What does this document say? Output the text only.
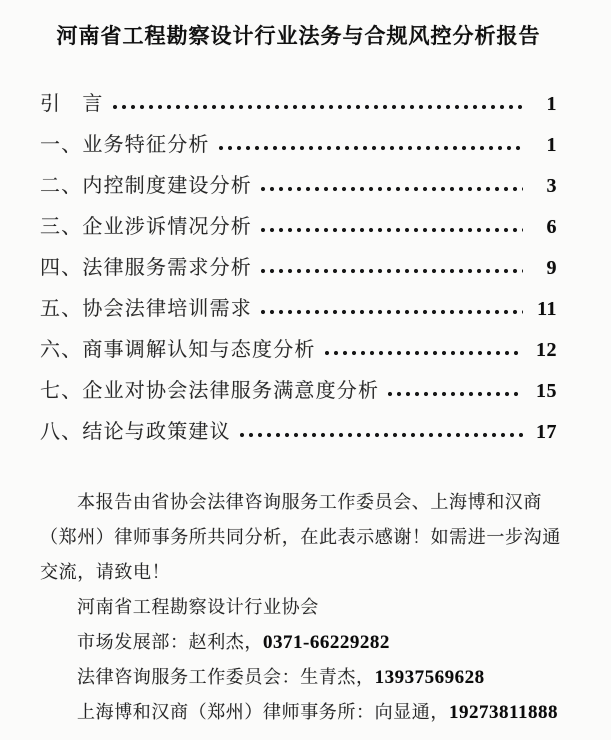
河南省工程勘察设计行业法务与合规风控分析报告
引　言	1
一、业务特征分析	1
二、内控制度建设分析	3
三、企业涉诉情况分析	6
四、法律服务需求分析	9
五、协会法律培训需求	11
六、商事调解认知与态度分析	12
七、企业对协会法律服务满意度分析	15
八、结论与政策建议	17
本报告由省协会法律咨询服务工作委员会、上海博和汉商
（郑州）律师事务所共同分析，在此表示感谢！如需进一步沟通
交流，请致电！
河南省工程勘察设计行业协会
市场发展部：赵利杰，0371-66229282
法律咨询服务工作委员会：生青杰，13937569628
上海博和汉商（郑州）律师事务所：向显通，19273811888
